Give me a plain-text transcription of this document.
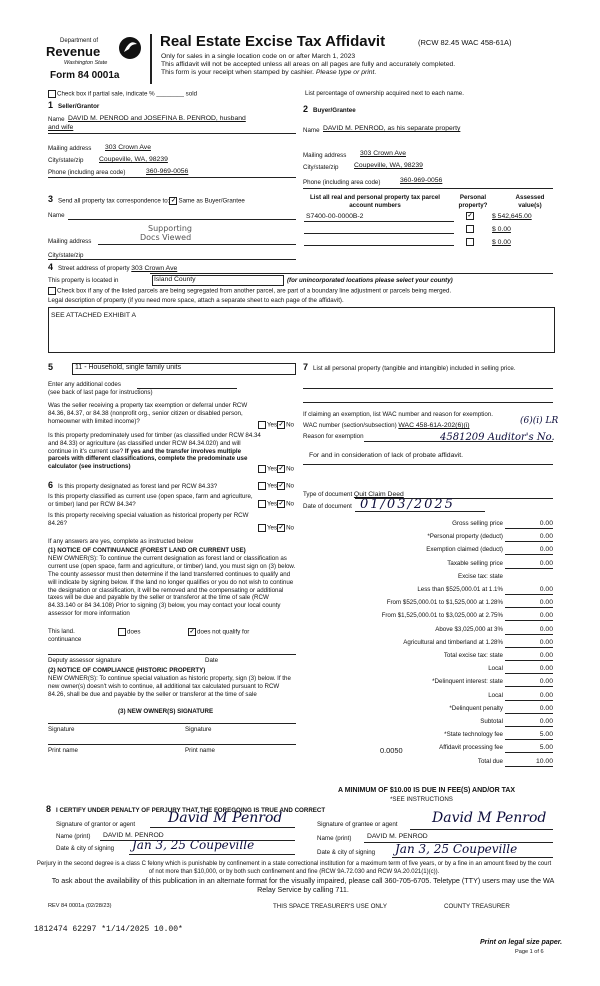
Department of
Revenue
Washington State
Form 84 0001a
Real Estate Excise Tax Affidavit	(RCW 82.45 WAC 458-61A)
Only for sales in a single location code on or after March 1, 2023
This affidavit will not be accepted unless all areas on all pages are fully and accurately completed.
This form is your receipt when stamped by cashier. Please type or print.
Check box if partial sale, indicate % ________ sold	List percentage of ownership acquired next to each name.
1 Seller/Grantor
Name DAVID M. PENROD and JOSEFINA B. PENROD, husband
and wife
Mailing address 303 Crown Ave
City/state/zip Coupeville, WA, 98239
Phone (including area code)	360-969-0056
2 Buyer/Grantee
Name DAVID M. PENROD, as his separate property
Mailing address 303 Crown Ave
City/state/zip Coupeville, WA, 98239
Phone (including area code)	360-969-0056
3 Send all property tax correspondence to:✓ Same as Buyer/Grantee
Name
Mailing address
Supporting
Docs Viewed
City/state/zip
List all real and personal property tax parcel account numbers
Personal property?
Assessed value(s)
S7400-00-0000B-2	✓	$ 542,645.00
$ 0.00
$ 0.00
4 Street address of property 303 Crown Ave
This property is located in	Island County	(for unincorporated locations please select your county)
Check box if any of the listed parcels are being segregated from another parcel, are part of a boundary line adjustment or parcels being merged.
Legal description of property (if you need more space, attach a separate sheet to each page of the affidavit).
SEE ATTACHED EXHIBIT A
5	11 - Household, single family units
Enter any additional codes
(see back of last page for instructions)
Was the seller receiving a property tax exemption or deferral under RCW 84.36, 84.37, or 84.38 (nonprofit org., senior citizen or disabled person, homeowner with limited income)?
Yes✓ No
Is this property predominately used for timber (as classified under RCW 84.34 and 84.33) or agriculture (as classified under RCW 84.34.020) and will continue in it's current use? If yes and the transfer involves multiple parcels with different classifications, complete the predominate use calculator (see instructions)	Yes✓ No
6 Is this property designated as forest land per RCW 84.33?	Yes✓ No
Is this property classified as current use (open space, farm and agriculture, or timber) land per RCW 84.34?	Yes✓ No
Is this property receiving special valuation as historical property per RCW 84.26?
Yes✓ No
If any answers are yes, complete as instructed below
(1) NOTICE OF CONTINUANCE (FOREST LAND OR CURRENT USE)
NEW OWNER(S): To continue the current designation as forest land or classification as current use (open space, farm and agriculture, or timber) land, you must sign on (3) below. The county assessor must then determine if the land transferred continues to qualify and will indicate by signing below. If the land no longer qualifies or you do not wish to continue the designation or classification, it will be removed and the compensating or additional taxes will be due and payable by the seller or transferor at the time of sale (RCW 84.33.140 or 84 34.108) Prior to signing (3) below, you may contact your local county assessor for more information
This land.	does	✓ does not qualify for
continuance
Deputy assessor signature	Date
(2) NOTICE OF COMPLIANCE (HISTORIC PROPERTY)
NEW OWNER(S): To continue special valuation as historic property, sign (3) below. If the new owner(s) doesn't wish to continue, all additional tax calculated pursuant to RCW 84.26, shall be due and payable by the seller or transferor at the time of sale
(3) NEW OWNER(S) SIGNATURE
Signature	Signature
Print name	Print name
7 List all personal property (tangible and intangible) included in selling price.
If claiming an exemption, list WAC number and reason for exemption.
WAC number (section/subsection) WAC 458-61A-202(6)(i)	(6)(i) LR
Reason for exemption	4581209 Auditor's No.
For and in consideration of lack of probate affidavit.
Type of document Quit Claim Deed
Date of document 01/03/2025
Gross selling price	0.00
*Personal property (deduct)	0.00
Exemption claimed (deduct)	0.00
Taxable selling price	0.00
Excise tax: state
Less than $525,000.01 at 1.1%	0.00
From $525,000.01 to $1,525,000 at 1.28%	0.00
From $1,525,000.01 to $3,025,000 at 2.75%	0.00
Above $3,025,000 at 3%	0.00
Agricultural and timberland at 1.28%	0.00
Total excise tax: state	0.00
Local	0.00
*Delinquent interest: state	0.00
Local	0.00
*Delinquent penalty	0.00
Subtotal	0.00
*State technology fee	5.00
Affidavit processing fee	5.00
Total due	10.00
0.0050
A MINIMUM OF $10.00 IS DUE IN FEE(S) AND/OR TAX
*SEE INSTRUCTIONS
8 I CERTIFY UNDER PENALTY OF PERJURY THAT THE FOREGOING IS TRUE AND CORRECT
Signature of grantor or agent David M Penrod
Name (print) DAVID M. PENROD
Date & city of signing Jan 3, 25 Coupeville
Signature of grantee or agent David M Penrod
Name (print) DAVID M. PENROD
Date & city of signing Jan 3, 25 Coupeville
Perjury in the second degree is a class C felony which is punishable by confinement in a state correctional institution for a maximum term of five years, or by a fine in an amount fixed by the court of not more than $10,000, or by both such confinement and fine (RCW 9A.72.030 and RCW 9A.20.021(1)(c)).
To ask about the availability of this publication in an alternate format for the visually impaired, please call 360-705-6705. Teletype (TTY) users may use the WA Relay Service by calling 711.
REV 84 0001a (02/28/23)	THIS SPACE TREASURER'S USE ONLY	COUNTY TREASURER
1812474 62297 *1/14/2025 10.00*
Print on legal size paper.
Page 1 of 6
